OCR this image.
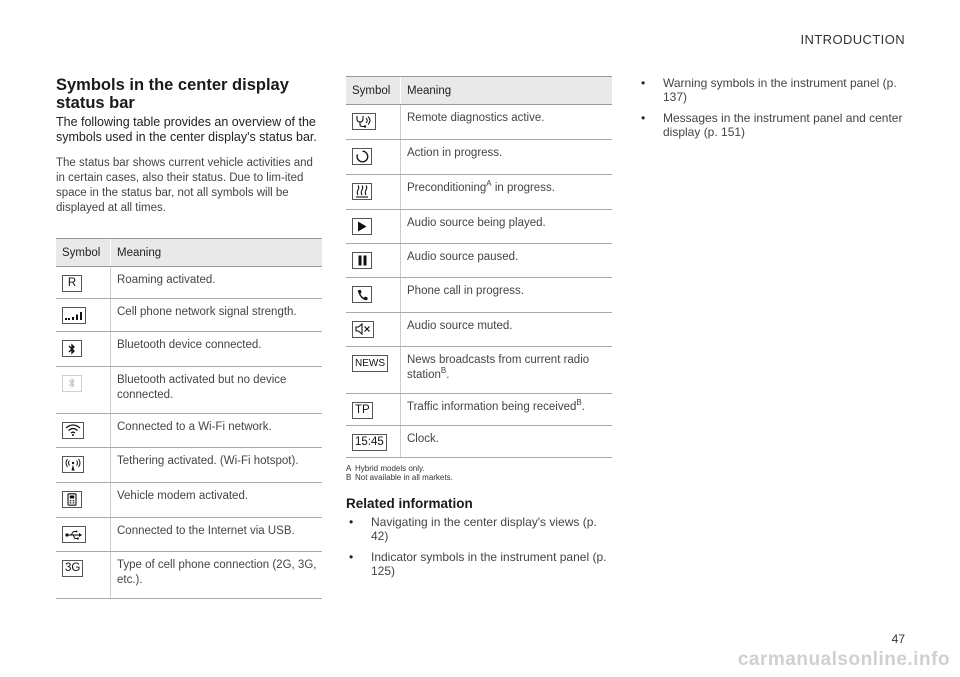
INTRODUCTION
Symbols in the center display status bar

The following table provides an overview of the symbols used in the center display's status bar.

The status bar shows current vehicle activities and in certain cases, also their status. Due to lim-ited space in the status bar, not all symbols will be displayed at all times.

Symbol	Meaning
R	Roaming activated.

	Cell phone network signal strength.

	Bluetooth device connected.

	Bluetooth activated but no device connected.

	Connected to a Wi-Fi network.

	Tethering activated. (Wi-Fi hotspot).

	Vehicle modem activated.

	Connected to the Internet via USB.
3G	Type of cell phone connection (2G, 3G, etc.).
Symbol	Meaning

	Remote diagnostics active.

	Action in progress.

	Preconditioning$^A$ in progress.

	Audio source being played.

	Audio source paused.

	Phone call in progress.

	Audio source muted.
NEWS	News broadcasts from current radio station$^B$.
TP	Traffic information being received$^B$.
15:45	Clock.
A Hybrid models only.
B Not available in all markets.
Related information
• Navigating in the center display's views (p. 42)
• Indicator symbols in the instrument panel (p. 125)
• Warning symbols in the instrument panel (p. 137)
• Messages in the instrument panel and center display (p. 151)
47
carmanualsonline.info
